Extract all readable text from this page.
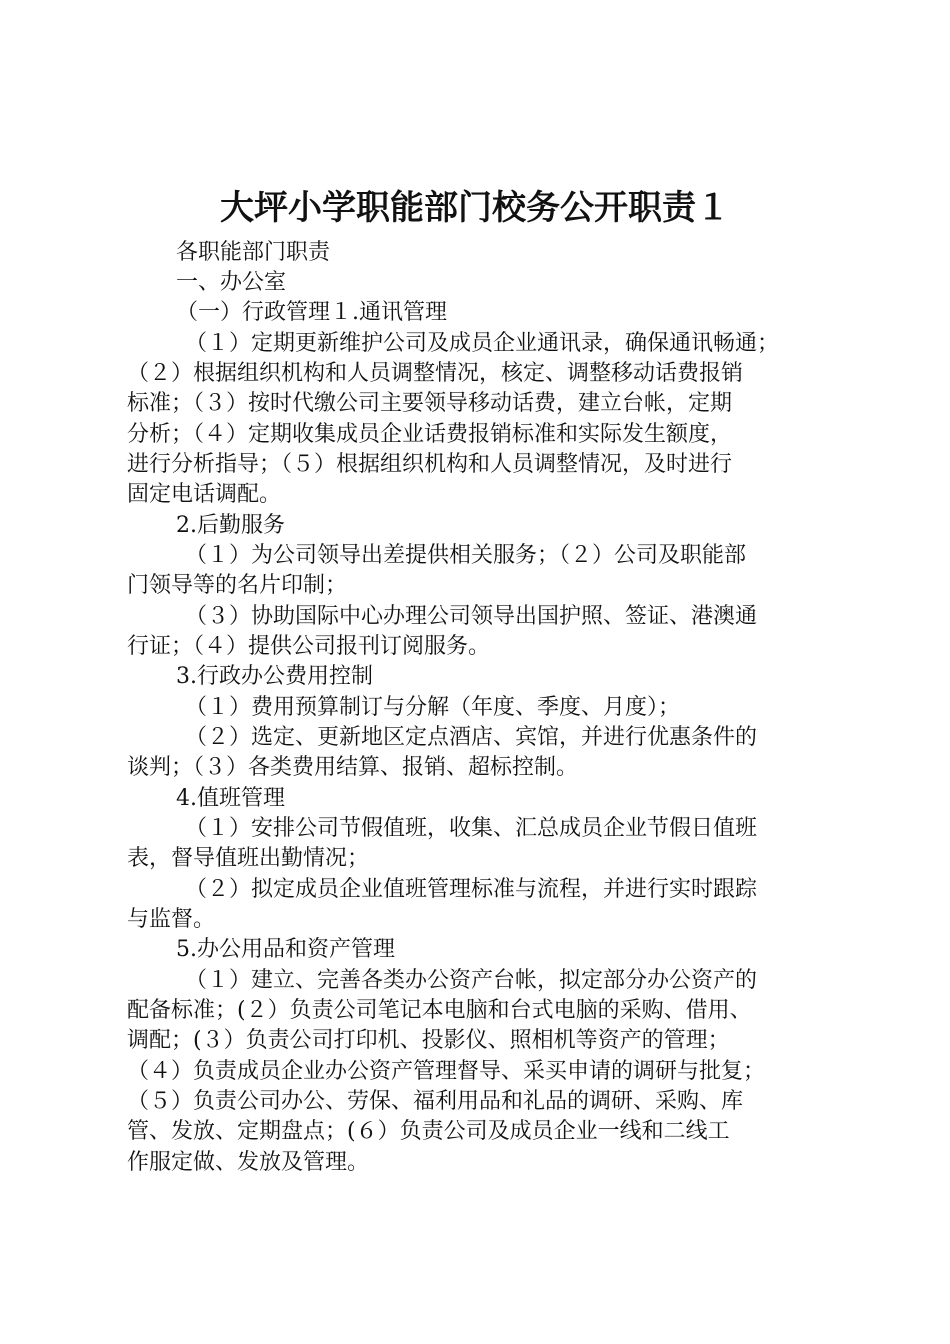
大坪小学职能部门校务公开职责１
各职能部门职责
一、办公室
（一）行政管理１.通讯管理
（１）定期更新维护公司及成员企业通讯录，确保通讯畅通；
（２）根据组织机构和人员调整情况，核定、调整移动话费报销
标准；（３）按时代缴公司主要领导移动话费，建立台帐，定期
分析；（４）定期收集成员企业话费报销标准和实际发生额度，
进行分析指导；（５）根据组织机构和人员调整情况，及时进行
固定电话调配。
2.后勤服务
（１）为公司领导出差提供相关服务；（２）公司及职能部
门领导等的名片印制；
（３）协助国际中心办理公司领导出国护照、签证、港澳通
行证；（４）提供公司报刊订阅服务。
3.行政办公费用控制
（１）费用预算制订与分解（年度、季度、月度）；
（２）选定、更新地区定点酒店、宾馆，并进行优惠条件的
谈判；（３）各类费用结算、报销、超标控制。
4.值班管理
（１）安排公司节假值班，收集、汇总成员企业节假日值班
表，督导值班出勤情况；
（２）拟定成员企业值班管理标准与流程，并进行实时跟踪
与监督。
5.办公用品和资产管理
（１）建立、完善各类办公资产台帐，拟定部分办公资产的
配备标准；(２）负责公司笔记本电脑和台式电脑的采购、借用、
调配；(３）负责公司打印机、投影仪、照相机等资产的管理；
（４）负责成员企业办公资产管理督导、采买申请的调研与批复；
（５）负责公司办公、劳保、福利用品和礼品的调研、采购、库
管、发放、定期盘点；(６）负责公司及成员企业一线和二线工
作服定做、发放及管理。
